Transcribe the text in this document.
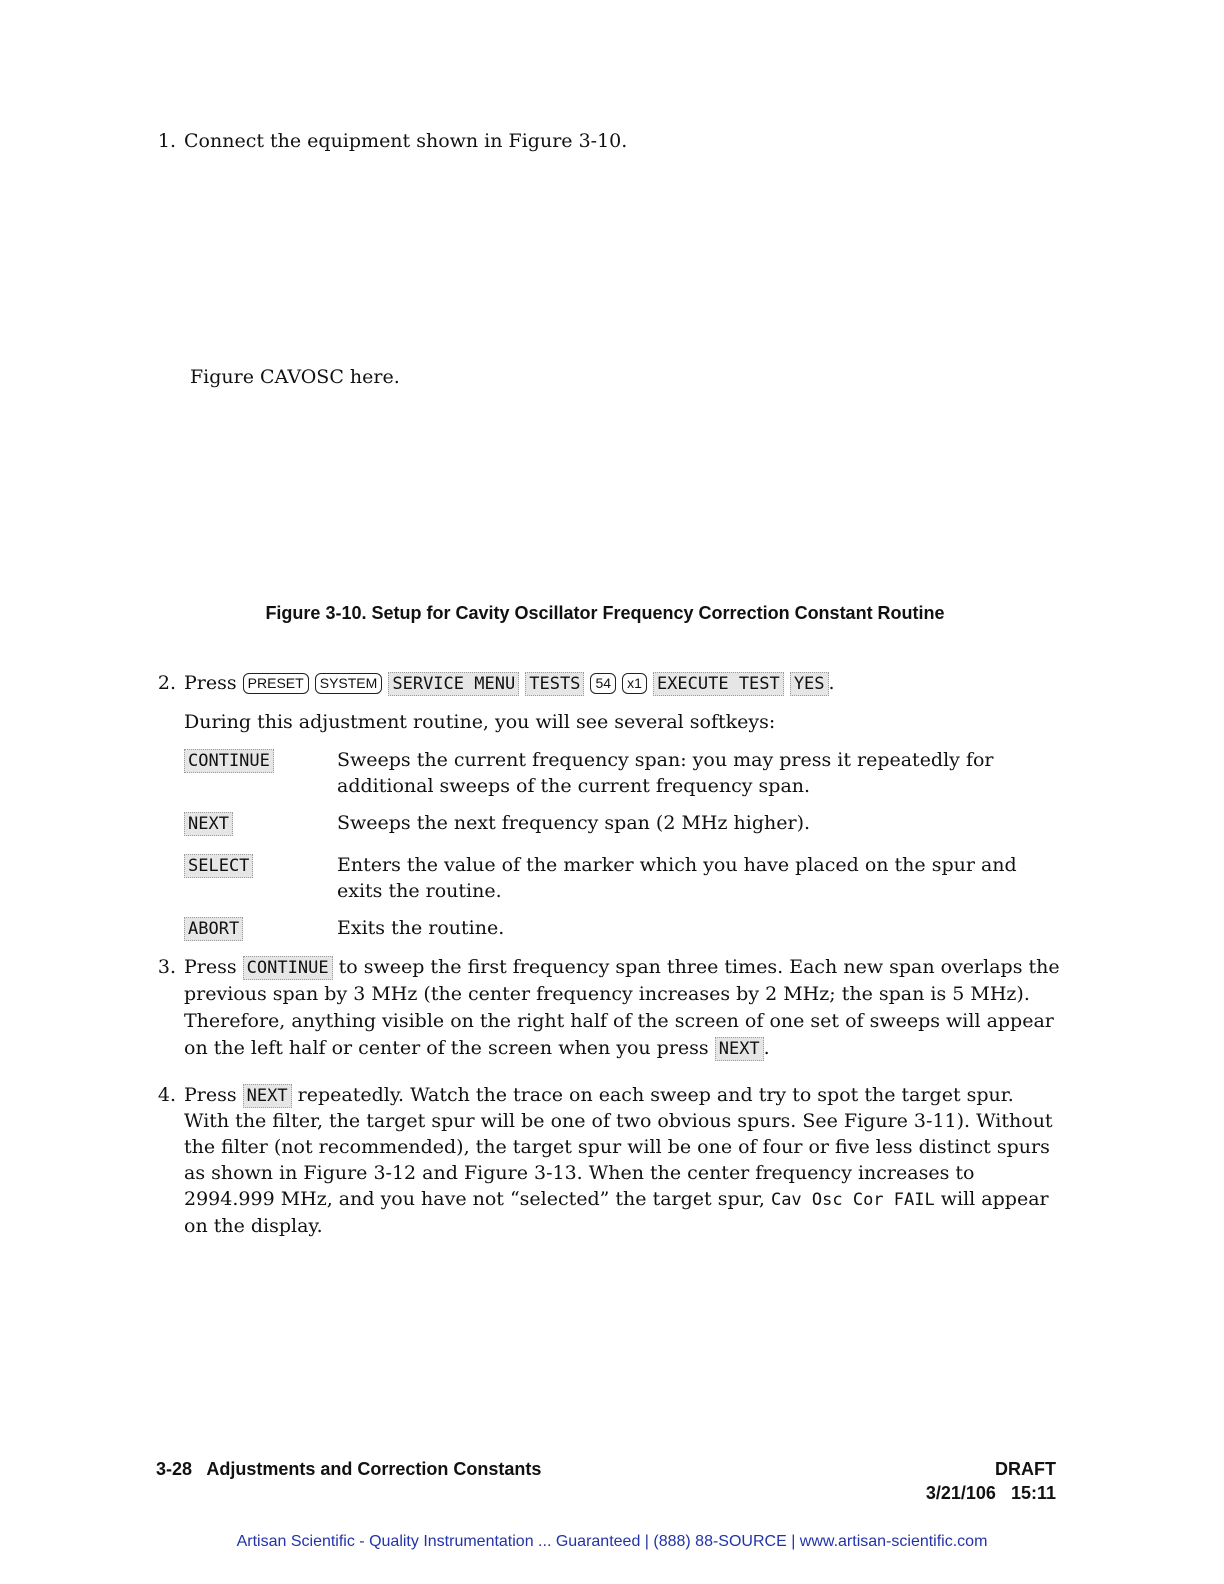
1. Connect the equipment shown in Figure 3-10.
Figure CAVOSC here.
Figure 3-10. Setup for Cavity Oscillator Frequency Correction Constant Routine
2. Press PRESET SYSTEM SERVICE MENU TESTS 54 x1 EXECUTE TEST YES .
During this adjustment routine, you will see several softkeys:
CONTINUE	Sweeps the current frequency span: you may press it repeatedly for additional sweeps of the current frequency span.
NEXT	Sweeps the next frequency span (2 MHz higher).
SELECT	Enters the value of the marker which you have placed on the spur and exits the routine.
ABORT	Exits the routine.
3. Press CONTINUE to sweep the first frequency span three times. Each new span overlaps the previous span by 3 MHz (the center frequency increases by 2 MHz; the span is 5 MHz). Therefore, anything visible on the right half of the screen of one set of sweeps will appear on the left half or center of the screen when you press NEXT .
4. Press NEXT repeatedly. Watch the trace on each sweep and try to spot the target spur. With the filter, the target spur will be one of two obvious spurs. See Figure 3-11). Without the filter (not recommended), the target spur will be one of four or five less distinct spurs as shown in Figure 3-12 and Figure 3-13. When the center frequency increases to 2994.999 MHz, and you have not “selected” the target spur, Cav Osc Cor FAIL will appear on the display.
3-28 Adjustments and Correction Constants	DRAFT
3/21/106 15:11
Artisan Scientific - Quality Instrumentation ... Guaranteed | (888) 88-SOURCE | www.artisan-scientific.com
